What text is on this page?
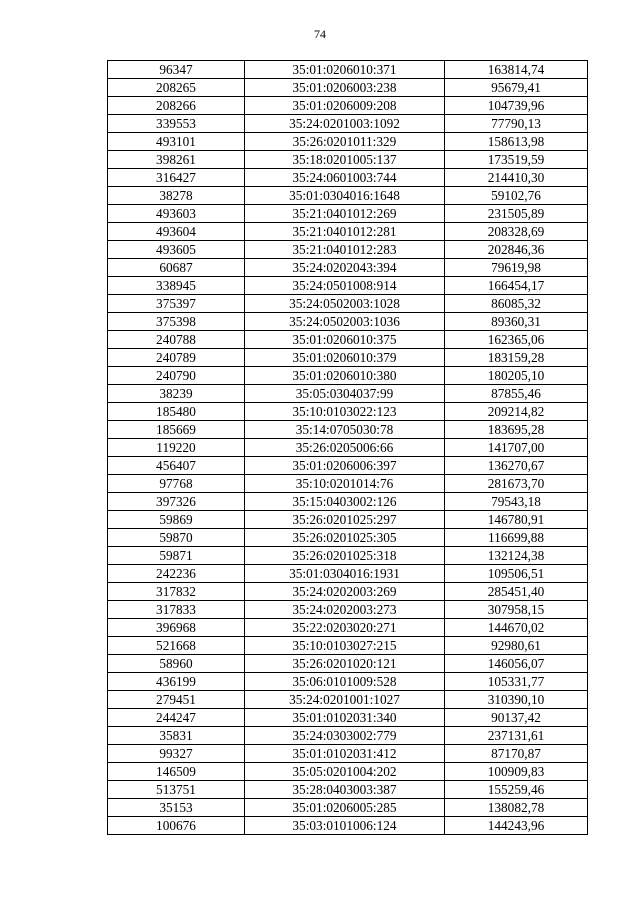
74
96347	35:01:0206010:371	163814,74
208265	35:01:0206003:238	95679,41
208266	35:01:0206009:208	104739,96
339553	35:24:0201003:1092	77790,13
493101	35:26:0201011:329	158613,98
398261	35:18:0201005:137	173519,59
316427	35:24:0601003:744	214410,30
38278	35:01:0304016:1648	59102,76
493603	35:21:0401012:269	231505,89
493604	35:21:0401012:281	208328,69
493605	35:21:0401012:283	202846,36
60687	35:24:0202043:394	79619,98
338945	35:24:0501008:914	166454,17
375397	35:24:0502003:1028	86085,32
375398	35:24:0502003:1036	89360,31
240788	35:01:0206010:375	162365,06
240789	35:01:0206010:379	183159,28
240790	35:01:0206010:380	180205,10
38239	35:05:0304037:99	87855,46
185480	35:10:0103022:123	209214,82
185669	35:14:0705030:78	183695,28
119220	35:26:0205006:66	141707,00
456407	35:01:0206006:397	136270,67
97768	35:10:0201014:76	281673,70
397326	35:15:0403002:126	79543,18
59869	35:26:0201025:297	146780,91
59870	35:26:0201025:305	116699,88
59871	35:26:0201025:318	132124,38
242236	35:01:0304016:1931	109506,51
317832	35:24:0202003:269	285451,40
317833	35:24:0202003:273	307958,15
396968	35:22:0203020:271	144670,02
521668	35:10:0103027:215	92980,61
58960	35:26:0201020:121	146056,07
436199	35:06:0101009:528	105331,77
279451	35:24:0201001:1027	310390,10
244247	35:01:0102031:340	90137,42
35831	35:24:0303002:779	237131,61
99327	35:01:0102031:412	87170,87
146509	35:05:0201004:202	100909,83
513751	35:28:0403003:387	155259,46
35153	35:01:0206005:285	138082,78
100676	35:03:0101006:124	144243,96
